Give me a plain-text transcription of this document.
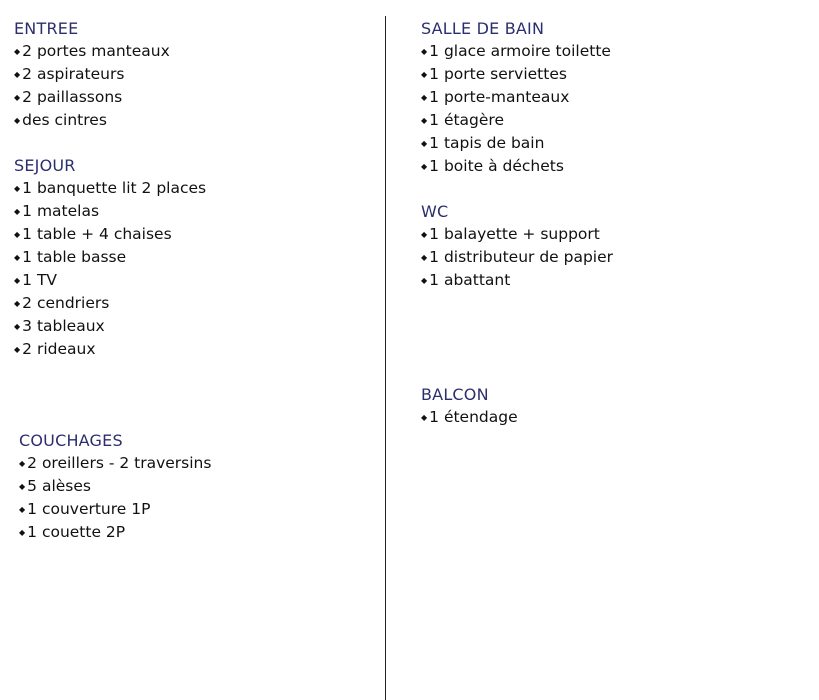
ENTREE
◆ 2 portes manteaux
◆ 2 aspirateurs
◆ 2 paillassons
◆ des cintres
SEJOUR
◆ 1 banquette lit 2 places
◆ 1 matelas
◆ 1 table + 4 chaises
◆ 1 table basse
◆ 1 TV
◆ 2 cendriers
◆ 3 tableaux
◆ 2 rideaux
COUCHAGES
◆ 2 oreillers - 2 traversins
◆ 5 alèses
◆ 1 couverture 1P
◆ 1 couette 2P
SALLE DE BAIN
◆ 1 glace armoire toilette
◆ 1 porte serviettes
◆ 1 porte-manteaux
◆ 1 étagère
◆ 1 tapis de bain
◆ 1 boite à déchets
WC
◆ 1 balayette + support
◆ 1 distributeur de papier
◆ 1 abattant
BALCON
◆ 1 étendage
